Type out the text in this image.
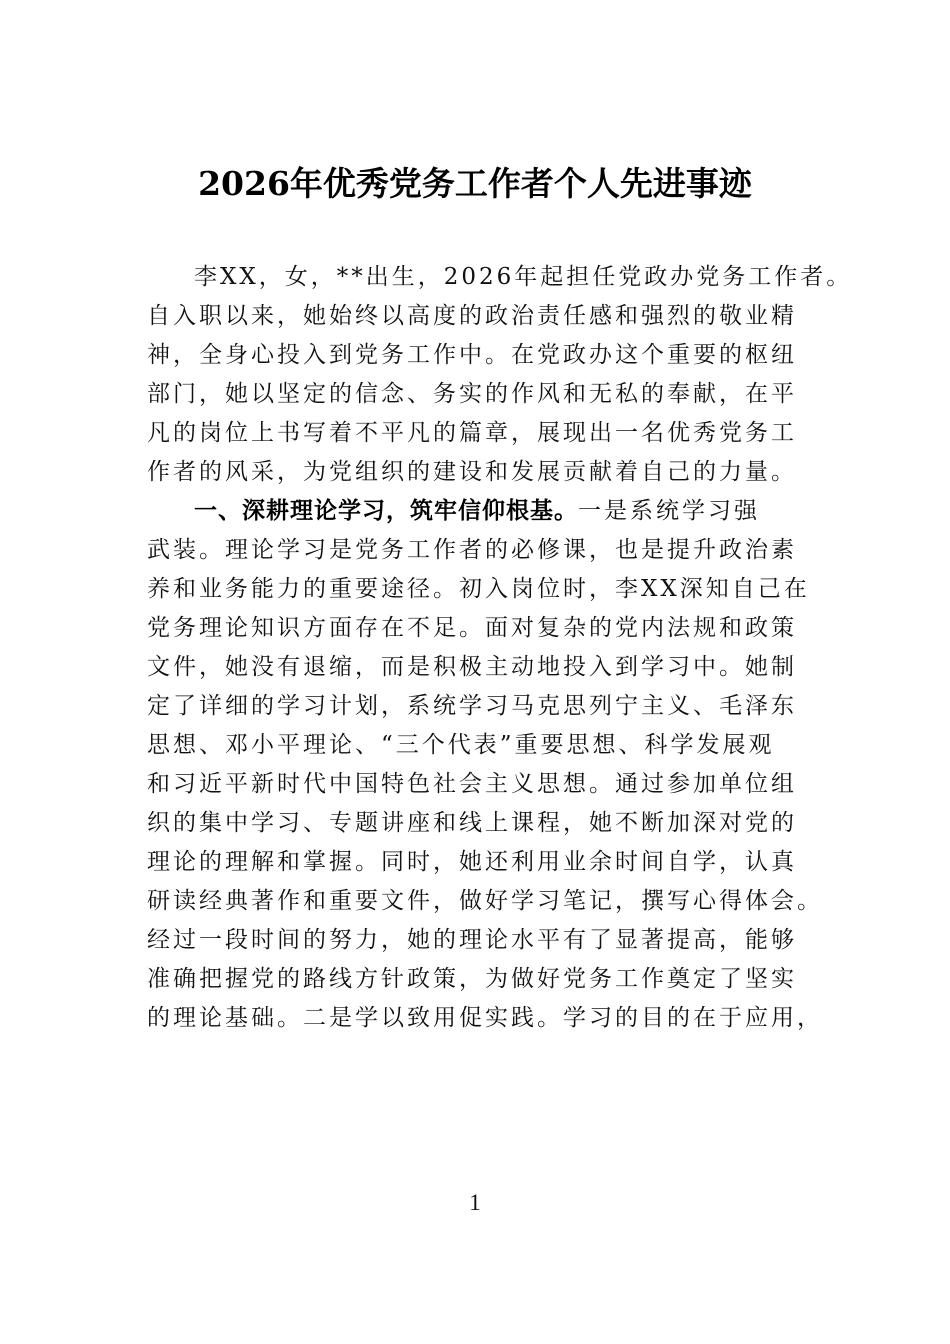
2026年优秀党务工作者个人先进事迹
李XX，女，**出生，2026年起担任党政办党务工作者。
自入职以来，她始终以高度的政治责任感和强烈的敬业精
神，全身心投入到党务工作中。在党政办这个重要的枢纽
部门，她以坚定的信念、务实的作风和无私的奉献，在平
凡的岗位上书写着不平凡的篇章，展现出一名优秀党务工
作者的风采，为党组织的建设和发展贡献着自己的力量。
一、深耕理论学习，筑牢信仰根基。一是系统学习强
武装。理论学习是党务工作者的必修课，也是提升政治素
养和业务能力的重要途径。初入岗位时，李XX深知自己在
党务理论知识方面存在不足。面对复杂的党内法规和政策
文件，她没有退缩，而是积极主动地投入到学习中。她制
定了详细的学习计划，系统学习马克思列宁主义、毛泽东
思想、邓小平理论、“三个代表”重要思想、科学发展观
和习近平新时代中国特色社会主义思想。通过参加单位组
织的集中学习、专题讲座和线上课程，她不断加深对党的
理论的理解和掌握。同时，她还利用业余时间自学，认真
研读经典著作和重要文件，做好学习笔记，撰写心得体会。
经过一段时间的努力，她的理论水平有了显著提高，能够
准确把握党的路线方针政策，为做好党务工作奠定了坚实
的理论基础。二是学以致用促实践。学习的目的在于应用，
1
